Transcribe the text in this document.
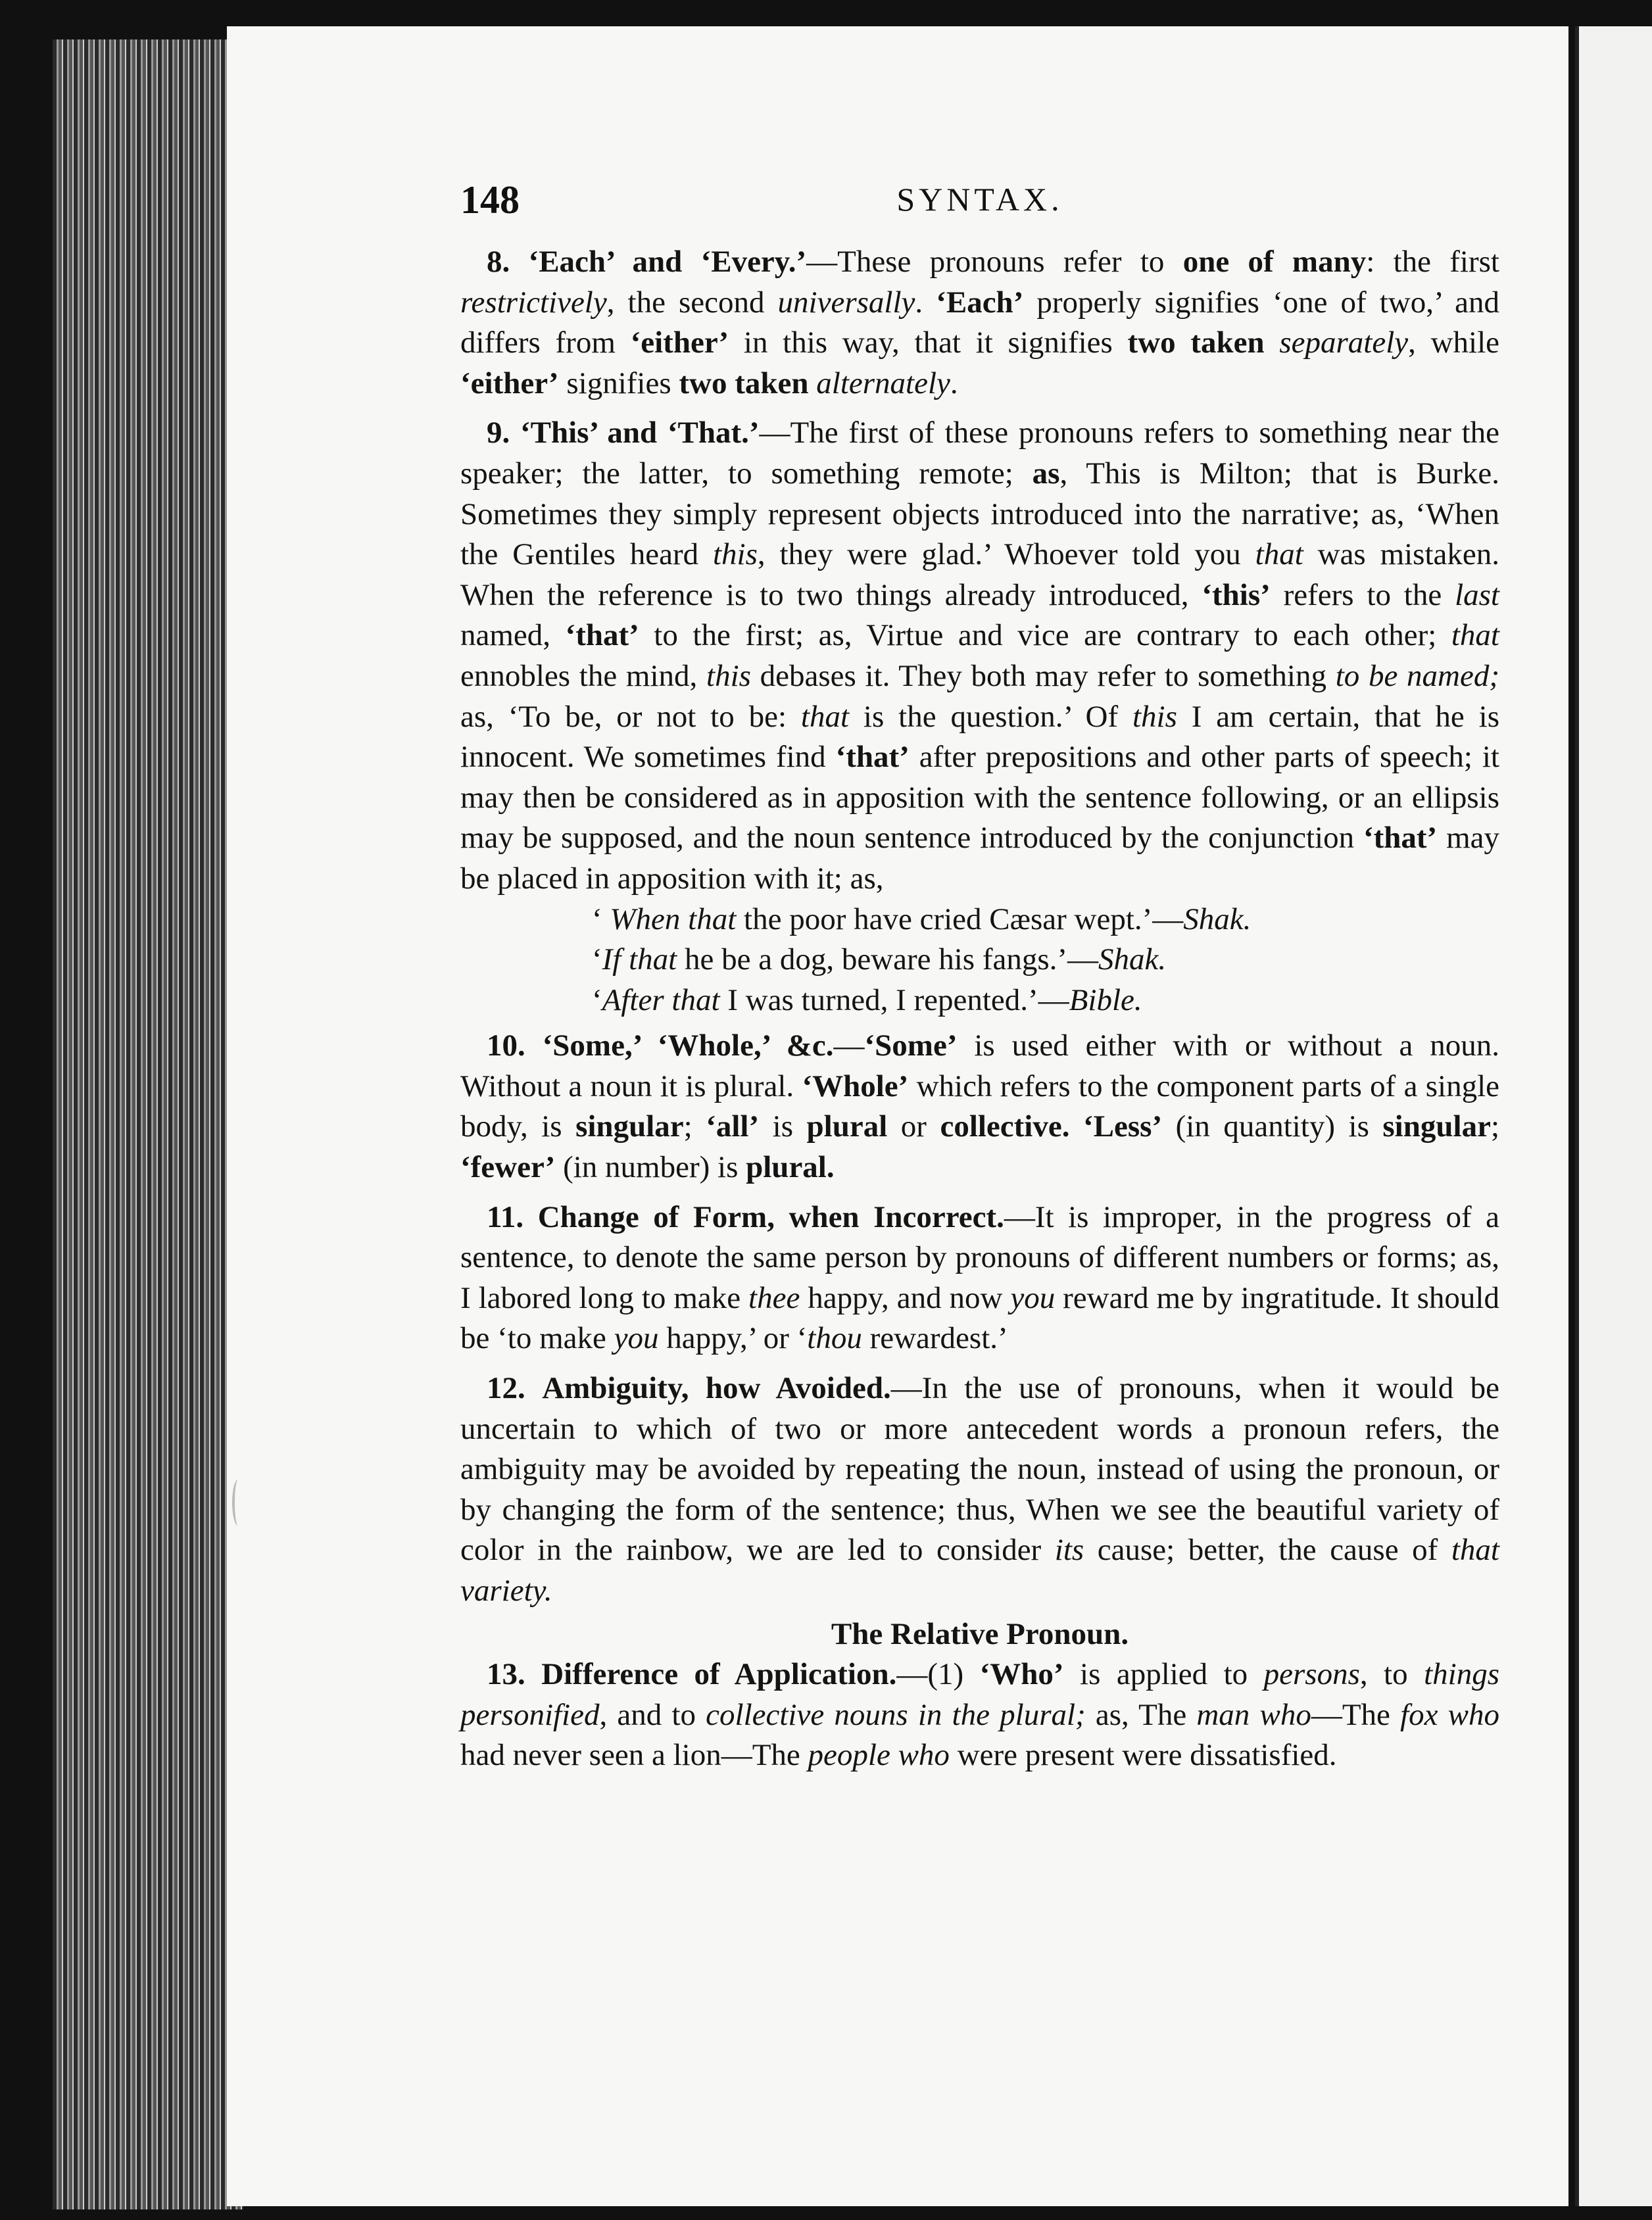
148	SYNTAX.

8. ‘Each’ and ‘Every.’—These pronouns refer to one of many: the first restrictively, the second universally. ‘Each’ properly signifies ‘one of two,’ and differs from ‘either’ in this way, that it signifies two taken separately, while ‘either’ signifies two taken alternately.

9. ‘This’ and ‘That.’—The first of these pronouns refers to something near the speaker; the latter, to something remote; as, This is Milton; that is Burke. Sometimes they simply represent objects introduced into the narrative; as, ‘When the Gentiles heard this, they were glad.’ Whoever told you that was mistaken. When the reference is to two things already introduced, ‘this’ refers to the last named, ‘that’ to the first; as, Virtue and vice are contrary to each other; that ennobles the mind, this debases it. They both may refer to something to be named; as, ‘To be, or not to be: that is the question.’ Of this I am certain, that he is innocent. We sometimes find ‘that’ after prepositions and other parts of speech; it may then be considered as in apposition with the sentence following, or an ellipsis may be supposed, and the noun sentence introduced by the conjunction ‘that’ may be placed in apposition with it; as,

‘ When that the poor have cried Cæsar wept.’—Shak.
‘If that he be a dog, beware his fangs.’—Shak.
‘After that I was turned, I repented.’—Bible.

10. ‘Some,’ ‘Whole,’ &c.—‘Some’ is used either with or without a noun. Without a noun it is plural. ‘Whole’ which refers to the component parts of a single body, is singular; ‘all’ is plural or collective. ‘Less’ (in quantity) is singular; ‘fewer’ (in number) is plural.

11. Change of Form, when Incorrect.—It is improper, in the progress of a sentence, to denote the same person by pronouns of different numbers or forms; as, I labored long to make thee happy, and now you reward me by ingratitude. It should be ‘to make you happy,’ or ‘thou rewardest.’

12. Ambiguity, how Avoided.—In the use of pronouns, when it would be uncertain to which of two or more antecedent words a pronoun refers, the ambiguity may be avoided by repeating the noun, instead of using the pronoun, or by changing the form of the sentence; thus, When we see the beautiful variety of color in the rainbow, we are led to consider its cause; better, the cause of that variety.

The Relative Pronoun.

13. Difference of Application.—(1) ‘Who’ is applied to persons, to things personified, and to collective nouns in the plural; as, The man who—The fox who had never seen a lion—The people who were present were dissatisfied.
